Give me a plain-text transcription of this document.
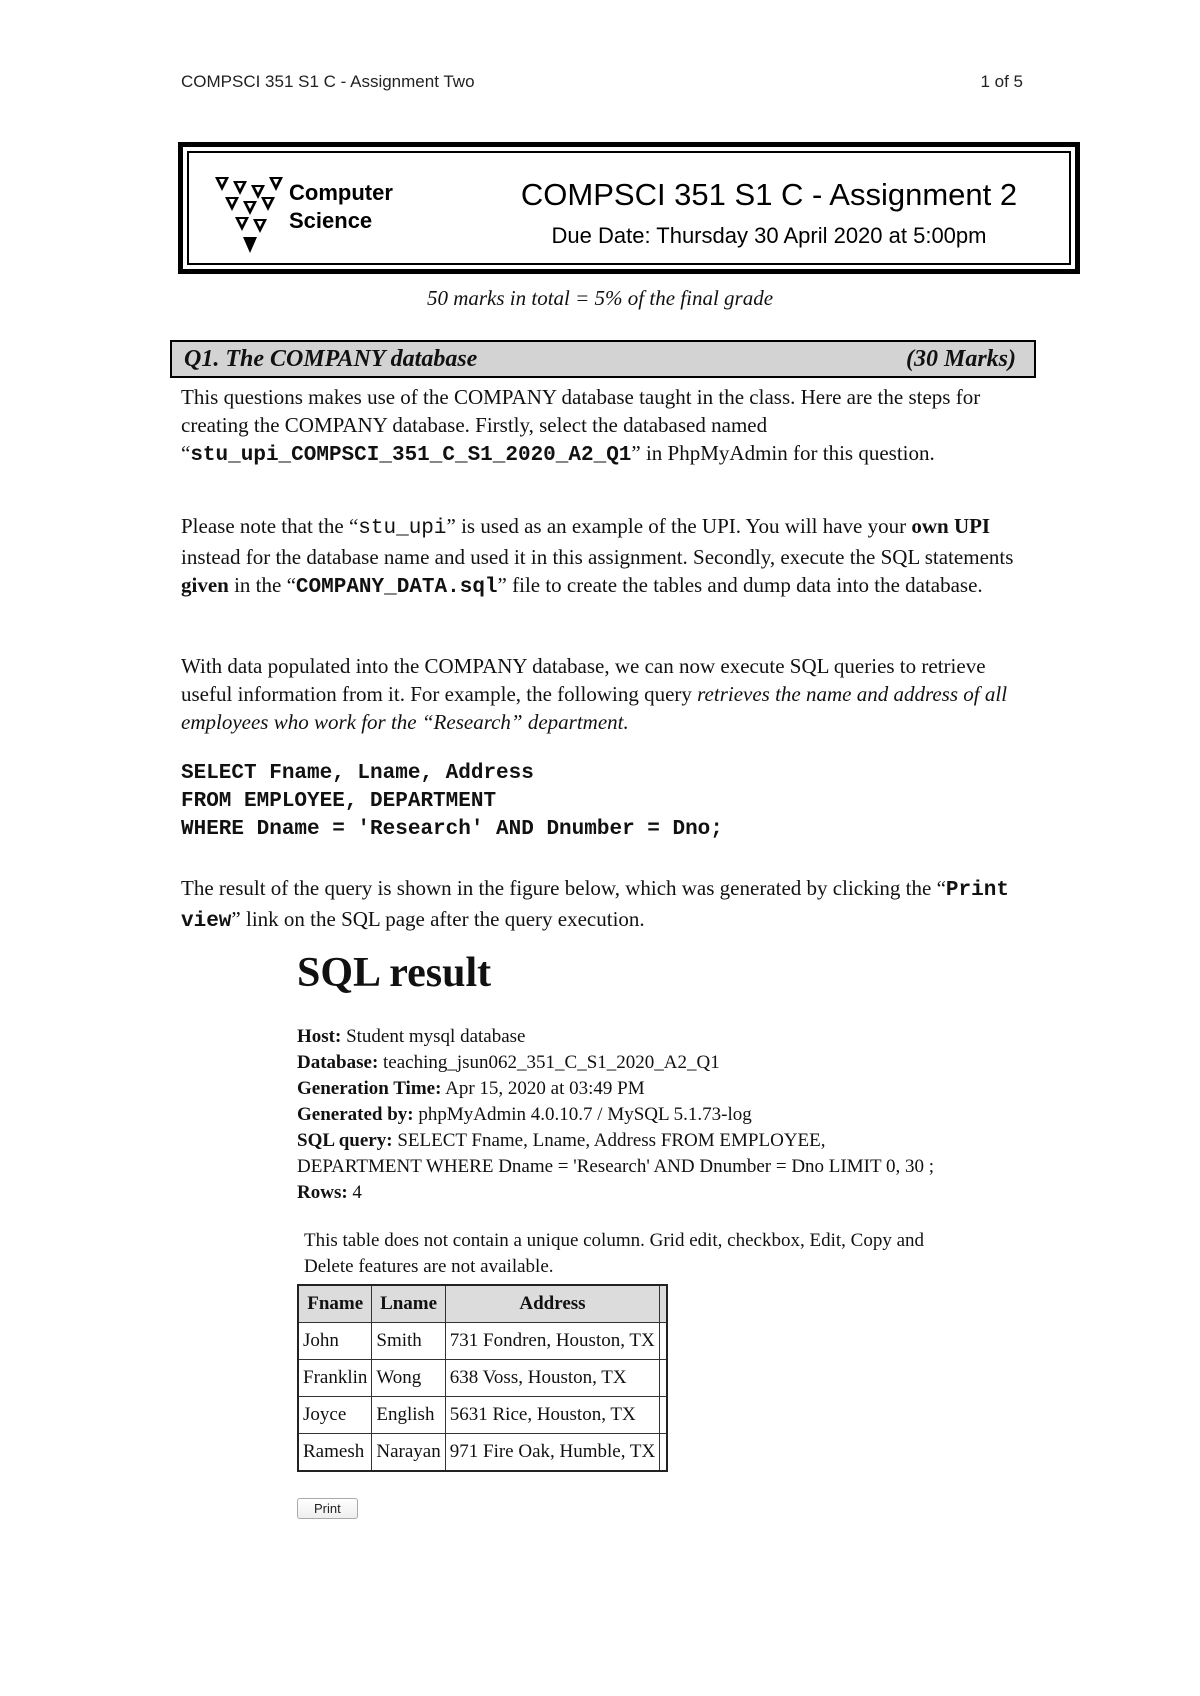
COMPSCI 351 S1 C - Assignment Two	1 of 5
Computer
Science
COMPSCI 351 S1 C - Assignment 2
Due Date: Thursday 30 April 2020 at 5:00pm
50 marks in total = 5% of the final grade
Q1. The COMPANY database	(30 Marks)
This questions makes use of the COMPANY database taught in the class. Here are the steps for creating the COMPANY database. Firstly, select the databased named “stu_upi_COMPSCI_351_C_S1_2020_A2_Q1” in PhpMyAdmin for this question.
Please note that the “stu_upi” is used as an example of the UPI. You will have your own UPI instead for the database name and used it in this assignment. Secondly, execute the SQL statements given in the “COMPANY_DATA.sql” file to create the tables and dump data into the database.
With data populated into the COMPANY database, we can now execute SQL queries to retrieve useful information from it. For example, the following query retrieves the name and address of all employees who work for the “Research” department.
SELECT Fname, Lname, Address
FROM EMPLOYEE, DEPARTMENT
WHERE Dname = 'Research' AND Dnumber = Dno;
The result of the query is shown in the figure below, which was generated by clicking the “Print view” link on the SQL page after the query execution.
SQL result
Host: Student mysql database
Database: teaching_jsun062_351_C_S1_2020_A2_Q1
Generation Time: Apr 15, 2020 at 03:49 PM
Generated by: phpMyAdmin 4.0.10.7 / MySQL 5.1.73-log
SQL query: SELECT Fname, Lname, Address FROM EMPLOYEE, DEPARTMENT WHERE Dname = 'Research' AND Dnumber = Dno LIMIT 0, 30 ;
Rows: 4
This table does not contain a unique column. Grid edit, checkbox, Edit, Copy and Delete features are not available.
Fname	Lname	Address	
John	Smith	731 Fondren, Houston, TX	
Franklin	Wong	638 Voss, Houston, TX	
Joyce	English	5631 Rice, Houston, TX	
Ramesh	Narayan	971 Fire Oak, Humble, TX	
Print
